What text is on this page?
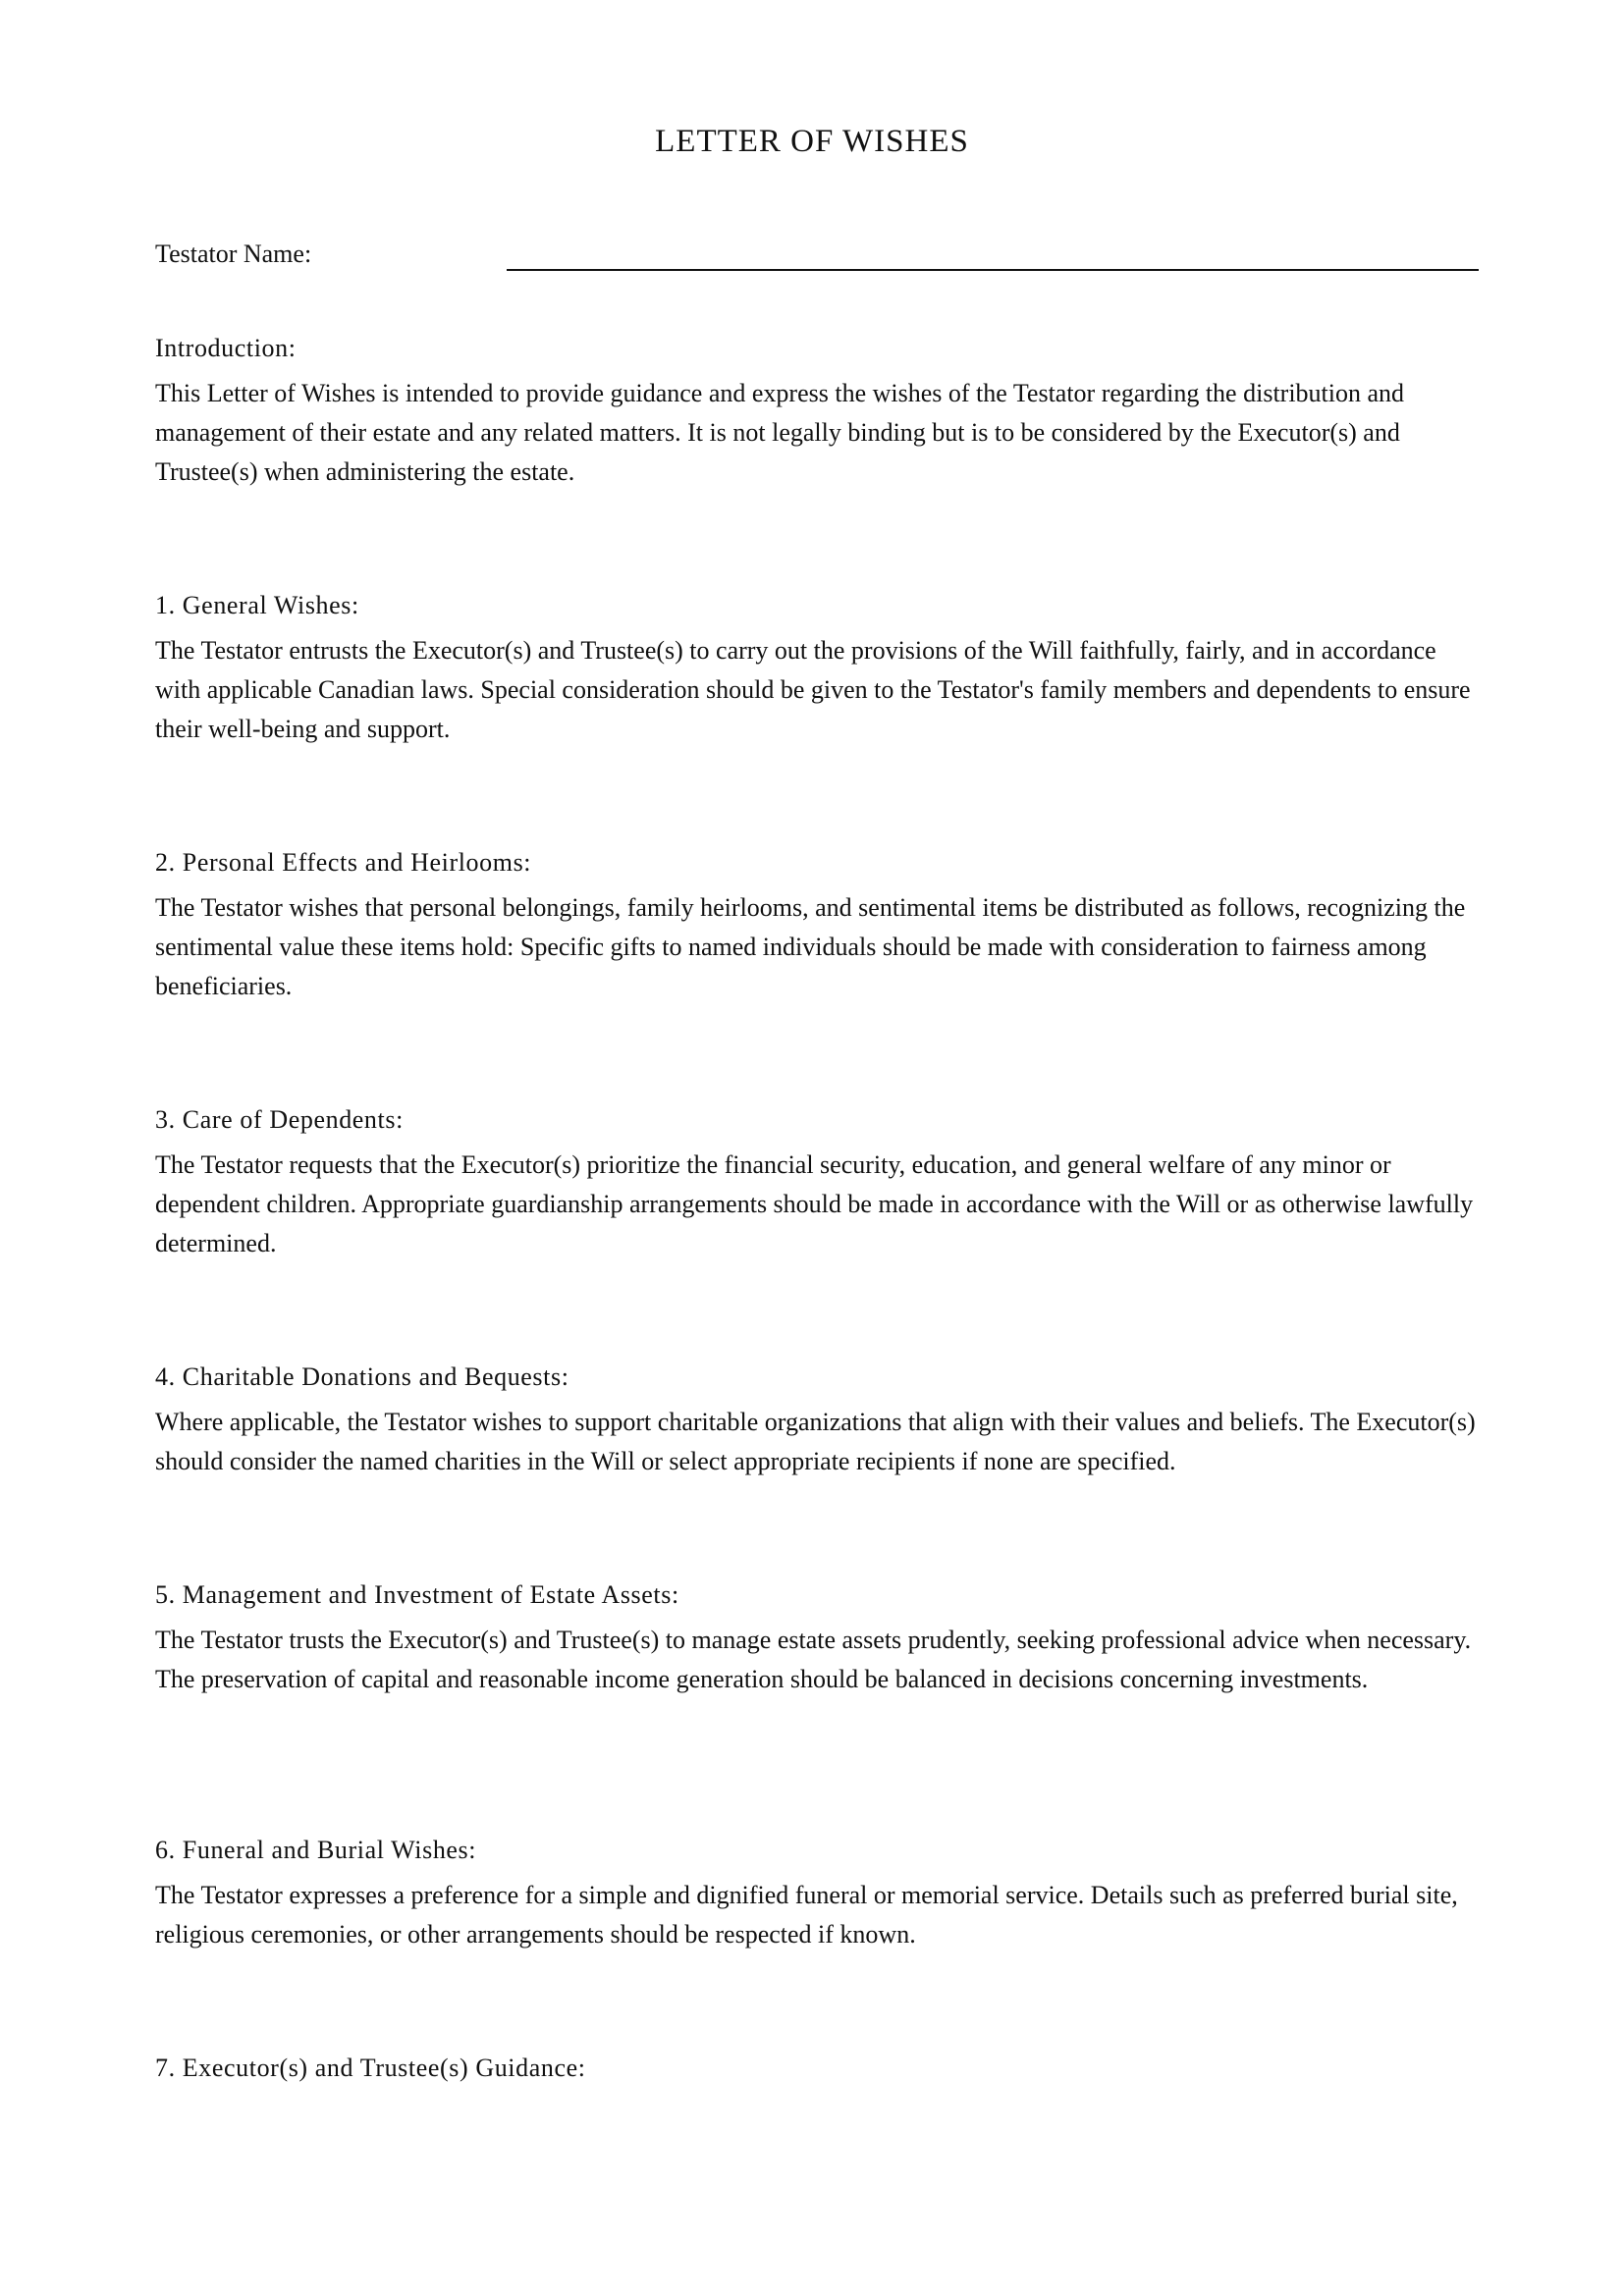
LETTER OF WISHES
Testator Name:

Introduction:

This Letter of Wishes is intended to provide guidance and express the wishes of the Testator regarding the distribution and management of their estate and any related matters. It is not legally binding but is to be considered by the Executor(s) and Trustee(s) when administering the estate.

1. General Wishes:

The Testator entrusts the Executor(s) and Trustee(s) to carry out the provisions of the Will faithfully, fairly, and in accordance with applicable Canadian laws. Special consideration should be given to the Testator's family members and dependents to ensure their well-being and support.

2. Personal Effects and Heirlooms:

The Testator wishes that personal belongings, family heirlooms, and sentimental items be distributed as follows, recognizing the sentimental value these items hold: Specific gifts to named individuals should be made with consideration to fairness among beneficiaries.

3. Care of Dependents:

The Testator requests that the Executor(s) prioritize the financial security, education, and general welfare of any minor or dependent children. Appropriate guardianship arrangements should be made in accordance with the Will or as otherwise lawfully determined.

4. Charitable Donations and Bequests:

Where applicable, the Testator wishes to support charitable organizations that align with their values and beliefs. The Executor(s) should consider the named charities in the Will or select appropriate recipients if none are specified.

5. Management and Investment of Estate Assets:

The Testator trusts the Executor(s) and Trustee(s) to manage estate assets prudently, seeking professional advice when necessary. The preservation of capital and reasonable income generation should be balanced in decisions concerning investments.

6. Funeral and Burial Wishes:

The Testator expresses a preference for a simple and dignified funeral or memorial service. Details such as preferred burial site, religious ceremonies, or other arrangements should be respected if known.

7. Executor(s) and Trustee(s) Guidance:
